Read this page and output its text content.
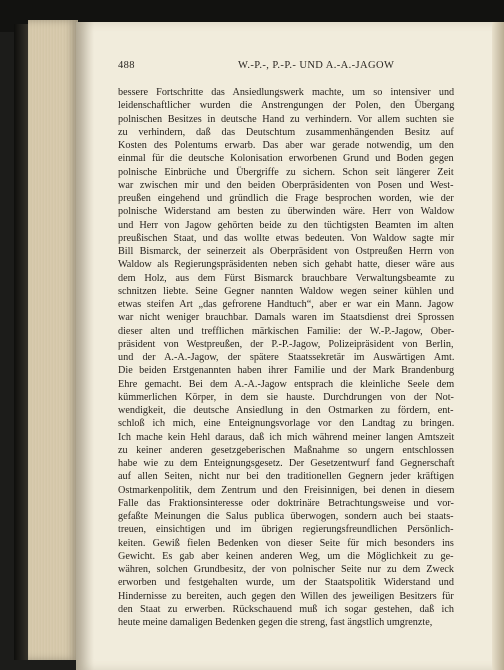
488	W.-P.-, P.-P.- UND A.-A.-JAGOW
bessere Fortschritte das Ansiedlungswerk machte, um so intensiver und
leidenschaftlicher wurden die Anstrengungen der Polen, den Übergang
polnischen Besitzes in deutsche Hand zu verhindern. Vor allem suchten sie
zu verhindern, daß das Deutschtum zusammenhängenden Besitz auf
Kosten des Polentums erwarb. Das aber war gerade notwendig, um den
einmal für die deutsche Kolonisation erworbenen Grund und Boden gegen
polnische Einbrüche und Übergriffe zu sichern. Schon seit längerer Zeit
war zwischen mir und den beiden Oberpräsidenten von Posen und West-
preußen eingehend und gründlich die Frage besprochen worden, wie der
polnische Widerstand am besten zu überwinden wäre. Herr von Waldow
und Herr von Jagow gehörten beide zu den tüchtigsten Beamten im alten
preußischen Staat, und das wollte etwas bedeuten. Von Waldow sagte mir
Bill Bismarck, der seinerzeit als Oberpräsident von Ostpreußen Herrn von
Waldow als Regierungspräsidenten neben sich gehabt hatte, dieser wäre aus
dem Holz, aus dem Fürst Bismarck brauchbare Verwaltungsbeamte zu
schnitzen liebte. Seine Gegner nannten Waldow wegen seiner kühlen und
etwas steifen Art „das gefrorene Handtuch“, aber er war ein Mann. Jagow
war nicht weniger brauchbar. Damals waren im Staatsdienst drei Sprossen
dieser alten und trefflichen märkischen Familie: der W.-P.-Jagow, Ober-
präsident von Westpreußen, der P.-P.-Jagow, Polizeipräsident von Berlin,
und der A.-A.-Jagow, der spätere Staatssekretär im Auswärtigen Amt.
Die beiden Erstgenannten haben ihrer Familie und der Mark Brandenburg
Ehre gemacht. Bei dem A.-A.-Jagow entsprach die kleinliche Seele dem
kümmerlichen Körper, in dem sie hauste. Durchdrungen von der Not-
wendigkeit, die deutsche Ansiedlung in den Ostmarken zu fördern, ent-
schloß ich mich, eine Enteignungsvorlage vor den Landtag zu bringen.
Ich mache kein Hehl daraus, daß ich mich während meiner langen Amtszeit
zu keiner anderen gesetzgeberischen Maßnahme so ungern entschlossen
habe wie zu dem Enteignungsgesetz. Der Gesetzentwurf fand Gegnerschaft
auf allen Seiten, nicht nur bei den traditionellen Gegnern jeder kräftigen
Ostmarkenpolitik, dem Zentrum und den Freisinnigen, bei denen in diesem
Falle das Fraktionsinteresse oder doktrinäre Betrachtungsweise und vor-
gefaßte Meinungen die Salus publica überwogen, sondern auch bei staats-
treuen, einsichtigen und im übrigen regierungsfreundlichen Persönlich-
keiten. Gewiß fielen Bedenken von dieser Seite für mich besonders ins
Gewicht. Es gab aber keinen anderen Weg, um die Möglichkeit zu ge-
währen, solchen Grundbesitz, der von polnischer Seite nur zu dem Zweck
erworben und festgehalten wurde, um der Staatspolitik Widerstand und
Hindernisse zu bereiten, auch gegen den Willen des jeweiligen Besitzers für
den Staat zu erwerben. Rückschauend muß ich sogar gestehen, daß ich
heute meine damaligen Bedenken gegen die streng, fast ängstlich umgrenzte,
